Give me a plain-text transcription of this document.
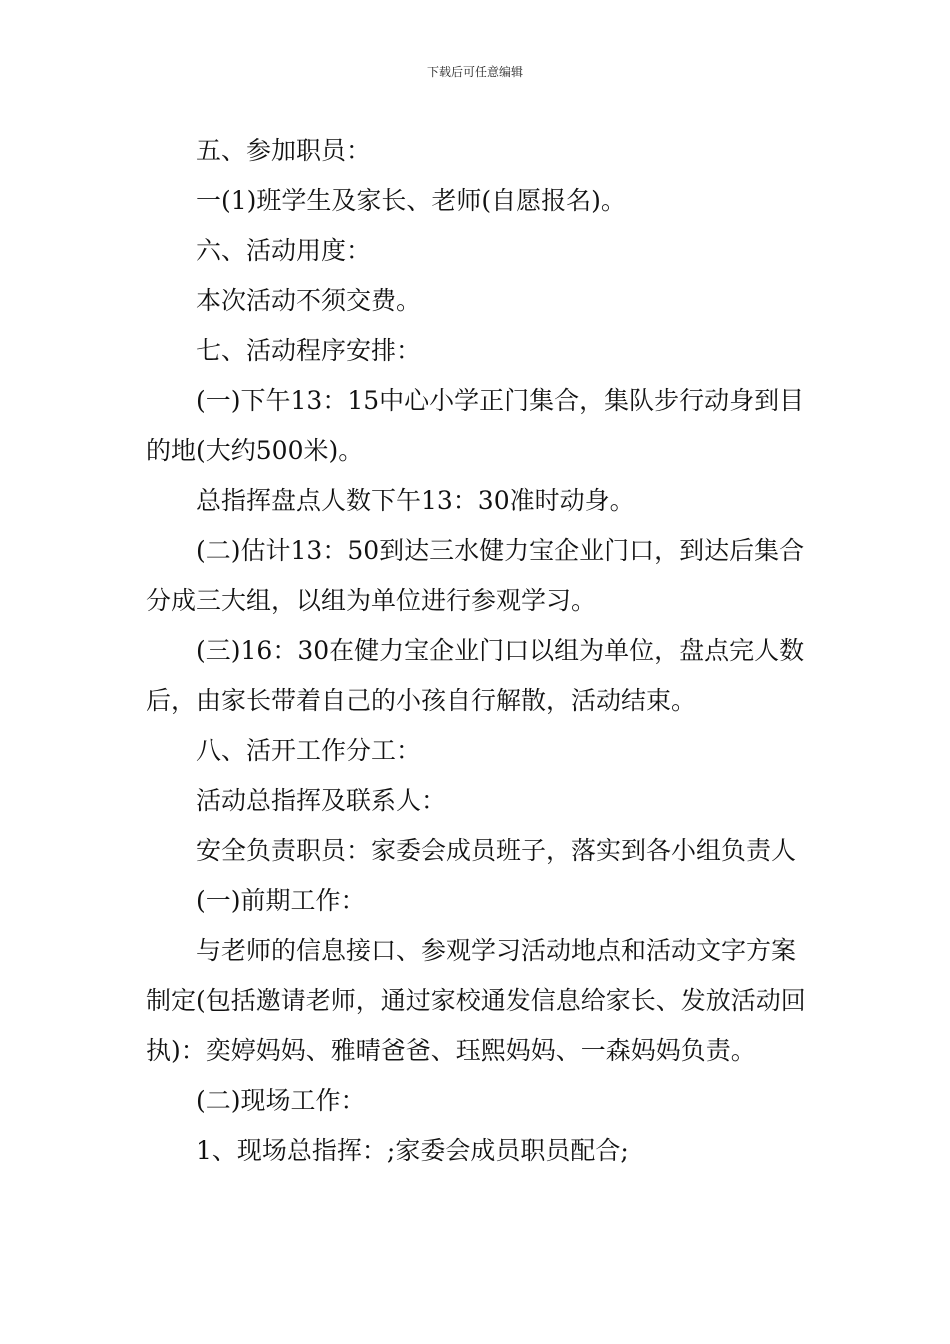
下载后可任意编辑

五、参加职员：

一(1)班学生及家长、老师(自愿报名)。

六、活动用度：

本次活动不须交费。

七、活动程序安排：

(一)下午13：15中心小学正门集合，集队步行动身到目的地(大约500米)。

总指挥盘点人数下午13：30准时动身。

(二)估计13：50到达三水健力宝企业门口，到达后集合分成三大组，以组为单位进行参观学习。

(三)16：30在健力宝企业门口以组为单位，盘点完人数后，由家长带着自己的小孩自行解散，活动结束。

八、活开工作分工：

活动总指挥及联系人：

安全负责职员：家委会成员班子，落实到各小组负责人

(一)前期工作：

与老师的信息接口、参观学习活动地点和活动文字方案制定(包括邀请老师，通过家校通发信息给家长、发放活动回执)：奕婷妈妈、雅晴爸爸、珏熙妈妈、一森妈妈负责。

(二)现场工作：

1、现场总指挥：;家委会成员职员配合;
